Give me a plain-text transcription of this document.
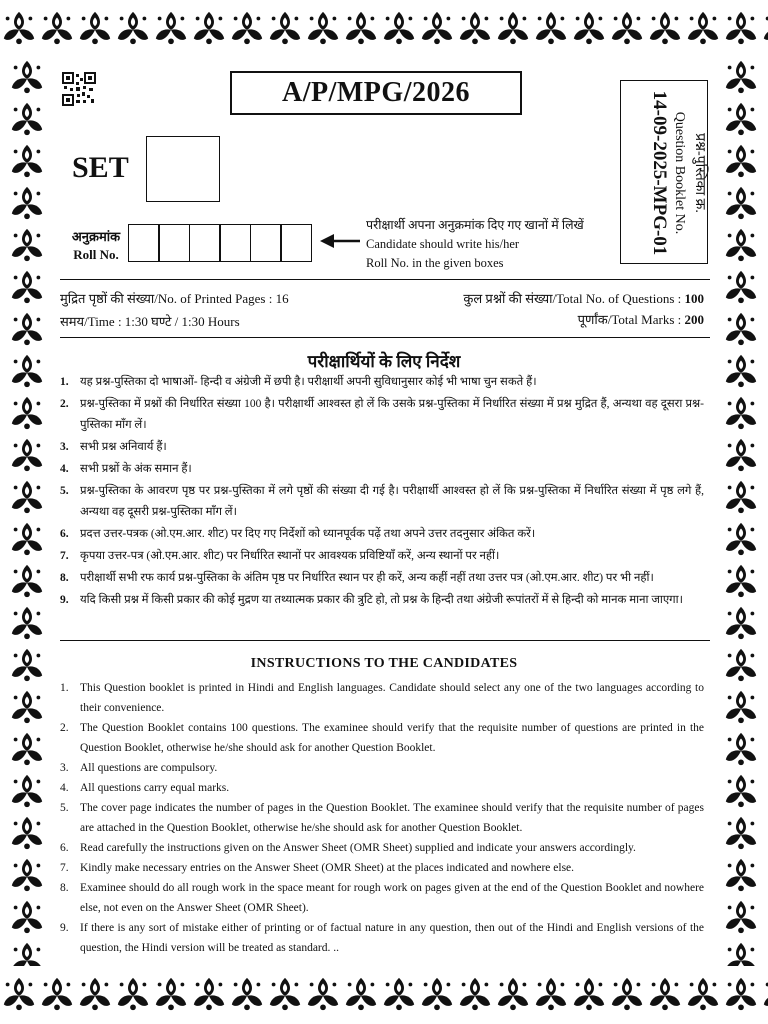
A/P/MPG/2026
SET	प्रश्न-पुस्तिका क्र.
Question Booklet No.
14-09-2025-MPG-01
अनुक्रमांक
Roll No.
परीक्षार्थी अपना अनुक्रमांक दिए गए खानों में लिखें
Candidate should write his/her
Roll No. in the given boxes
मुद्रित पृष्ठों की संख्या/No. of Printed Pages : 16	कुल प्रश्नों की संख्या/Total No. of Questions : 100
समय/Time : 1:30 घण्टे / 1:30 Hours	पूर्णांक/Total Marks : 200
परीक्षार्थियों के लिए निर्देश
1. यह प्रश्न-पुस्तिका दो भाषाओं- हिन्दी व अंग्रेजी में छपी है। परीक्षार्थी अपनी सुविधानुसार कोई भी भाषा चुन सकते हैं।
2. प्रश्न-पुस्तिका में प्रश्नों की निर्धारित संख्या 100 है। परीक्षार्थी आश्वस्त हो लें कि उसके प्रश्न-पुस्तिका में निर्धारित संख्या में प्रश्न मुद्रित हैं, अन्यथा वह दूसरा प्रश्न-पुस्तिका माँग लें।
3. सभी प्रश्न अनिवार्य हैं।
4. सभी प्रश्नों के अंक समान हैं।
5. प्रश्न-पुस्तिका के आवरण पृष्ठ पर प्रश्न-पुस्तिका में लगे पृष्ठों की संख्या दी गई है। परीक्षार्थी आश्वस्त हो लें कि प्रश्न-पुस्तिका में निर्धारित संख्या में पृष्ठ लगे हैं, अन्यथा वह दूसरी प्रश्न-पुस्तिका माँग लें।
6. प्रदत्त उत्तर-पत्रक (ओ.एम.आर. शीट) पर दिए गए निर्देशों को ध्यानपूर्वक पढ़ें तथा अपने उत्तर तदनुसार अंकित करें।
7. कृपया उत्तर-पत्र (ओ.एम.आर. शीट) पर निर्धारित स्थानों पर आवश्यक प्रविष्टियाँ करें, अन्य स्थानों पर नहीं।
8. परीक्षार्थी सभी रफ कार्य प्रश्न-पुस्तिका के अंतिम पृष्ठ पर निर्धारित स्थान पर ही करें, अन्य कहीं नहीं तथा उत्तर पत्र (ओ.एम.आर. शीट) पर भी नहीं।
9. यदि किसी प्रश्न में किसी प्रकार की कोई मुद्रण या तथ्यात्मक प्रकार की त्रुटि हो, तो प्रश्न के हिन्दी तथा अंग्रेजी रूपांतरों में से हिन्दी को मानक माना जाएगा।
INSTRUCTIONS TO THE CANDIDATES
1. This Question booklet is printed in Hindi and English languages. Candidate should select any one of the two languages according to their convenience.
2. The Question Booklet contains 100 questions. The examinee should verify that the requisite number of questions are printed in the Question Booklet, otherwise he/she should ask for another Question Booklet.
3. All questions are compulsory.
4. All questions carry equal marks.
5. The cover page indicates the number of pages in the Question Booklet. The examinee should verify that the requisite number of pages are attached in the Question Booklet, otherwise he/she should ask for another Question Booklet.
6. Read carefully the instructions given on the Answer Sheet (OMR Sheet) supplied and indicate your answers accordingly.
7. Kindly make necessary entries on the Answer Sheet (OMR Sheet) at the places indicated and nowhere else.
8. Examinee should do all rough work in the space meant for rough work on pages given at the end of the Question Booklet and nowhere else, not even on the Answer Sheet (OMR Sheet).
9. If there is any sort of mistake either of printing or of factual nature in any question, then out of the Hindi and English versions of the question, the Hindi version will be treated as standard. ..
